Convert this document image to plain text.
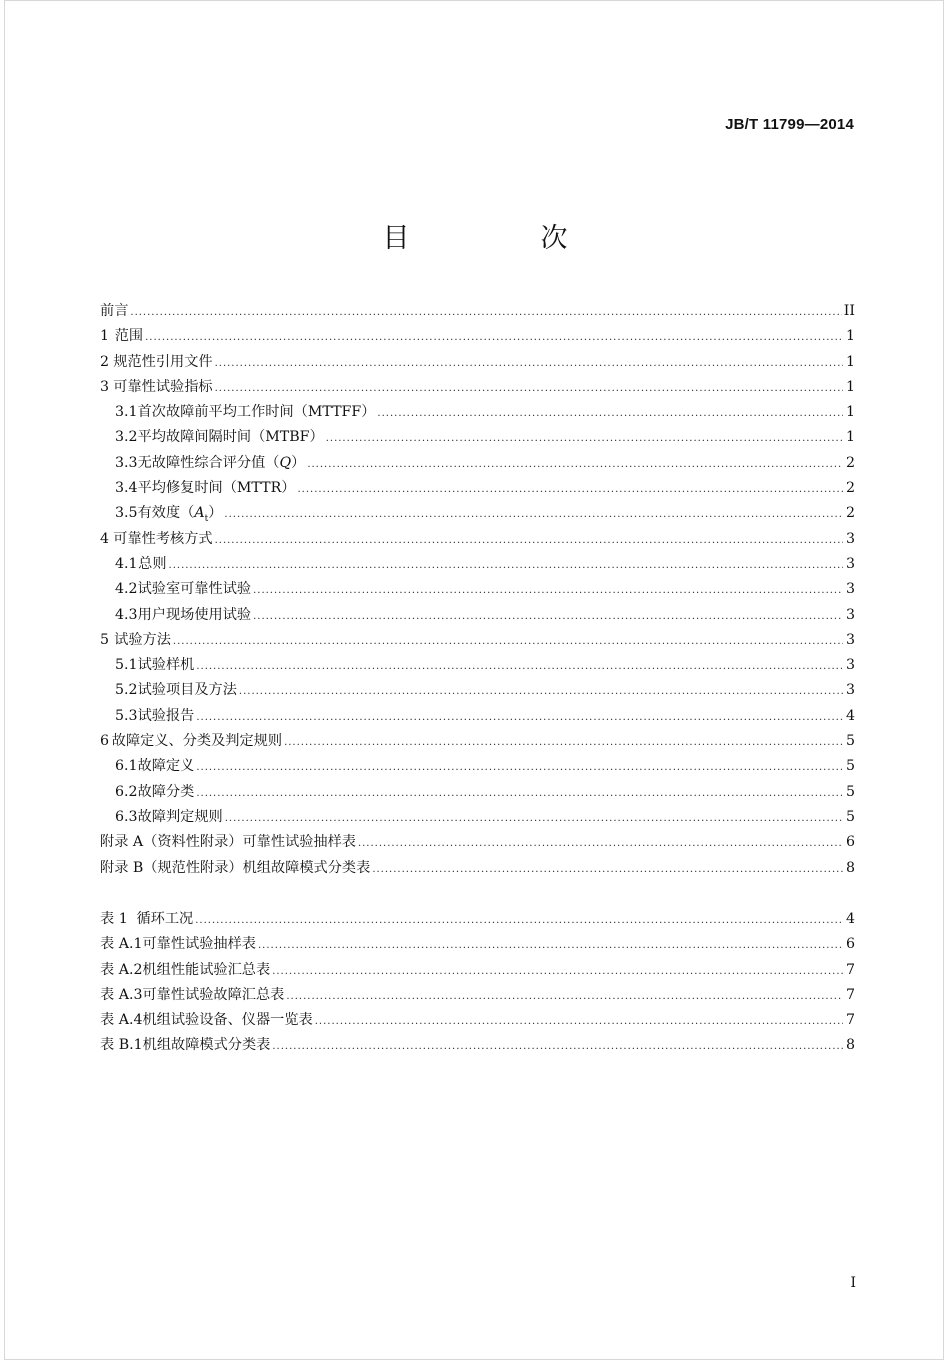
JB/T 11799—2014
目　次
前言 .....	II
1 范围 .....	1
2 规范性引用文件 .....	1
3 可靠性试验指标 .....	1
3.1 首次故障前平均工作时间（MTTFF） .....	1
3.2 平均故障间隔时间（MTBF） .....	1
3.3 无故障性综合评分值（Q） .....	2
3.4 平均修复时间（MTTR） .....	2
3.5 有效度$(A_t)$ .....	2
4 可靠性考核方式 .....	3
4.1 总则 .....	3
4.2 试验室可靠性试验 .....	3
4.3 用户现场使用试验 .....	3
5 试验方法 .....	3
5.1 试验样机 .....	3
5.2 试验项目及方法 .....	3
5.3 试验报告 .....	4
6 故障定义、分类及判定规则 .....	5
6.1 故障定义 .....	5
6.2 故障分类 .....	5
6.3 故障判定规则 .....	5
附录 A（资料性附录）可靠性试验抽样表 .....	6
附录 B（规范性附录）机组故障模式分类表 .....	8
表 1 循环工况 .....	4
表 A.1 可靠性试验抽样表 .....	6
表 A.2 机组性能试验汇总表 .....	7
表 A.3 可靠性试验故障汇总表 .....	7
表 A.4 机组试验设备、仪器一览表 .....	7
表 B.1 机组故障模式分类表 .....	8
I
